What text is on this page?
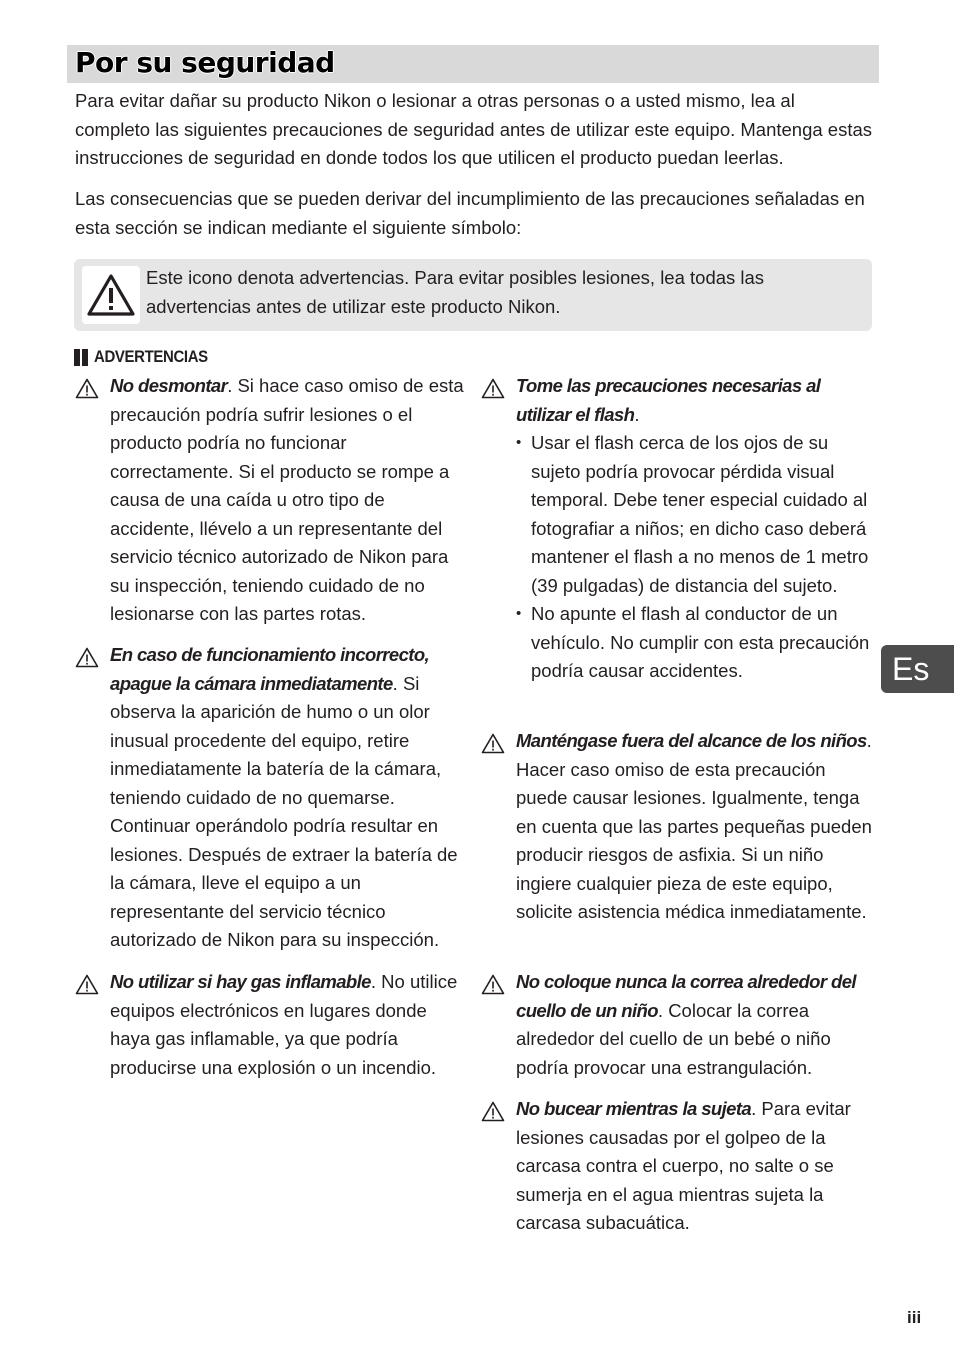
Por su seguridad

Para evitar dañar su producto Nikon o lesionar a otras personas o a usted mismo, lea al completo las siguientes precauciones de seguridad antes de utilizar este equipo. Mantenga estas instrucciones de seguridad en donde todos los que utilicen el producto puedan leerlas.

Las consecuencias que se pueden derivar del incumplimiento de las precauciones señaladas en esta sección se indican mediante el siguiente símbolo:

Este icono denota advertencias. Para evitar posibles lesiones, lea todas las advertencias antes de utilizar este producto Nikon.

ADVERTENCIAS

No desmontar. Si hace caso omiso de esta precaución podría sufrir lesiones o el producto podría no funcionar correctamente. Si el producto se rompe a causa de una caída u otro tipo de accidente, llévelo a un representante del servicio técnico autorizado de Nikon para su inspección, teniendo cuidado de no lesionarse con las partes rotas.

En caso de funcionamiento incorrecto, apague la cámara inmediatamente. Si observa la aparición de humo o un olor inusual procedente del equipo, retire inmediatamente la batería de la cámara, teniendo cuidado de no quemarse. Continuar operándolo podría resultar en lesiones. Después de extraer la batería de la cámara, lleve el equipo a un representante del servicio técnico autorizado de Nikon para su inspección.

No utilizar si hay gas inflamable. No utilice equipos electrónicos en lugares donde haya gas inflamable, ya que podría producirse una explosión o un incendio.

Tome las precauciones necesarias al utilizar el flash.

• Usar el flash cerca de los ojos de su sujeto podría provocar pérdida visual temporal. Debe tener especial cuidado al fotografiar a niños; en dicho caso deberá mantener el flash a no menos de 1 metro (39 pulgadas) de distancia del sujeto.
• No apunte el flash al conductor de un vehículo. No cumplir con esta precaución podría causar accidentes.

Manténgase fuera del alcance de los niños. Hacer caso omiso de esta precaución puede causar lesiones. Igualmente, tenga en cuenta que las partes pequeñas pueden producir riesgos de asfixia. Si un niño ingiere cualquier pieza de este equipo, solicite asistencia médica inmediatamente.

No coloque nunca la correa alrededor del cuello de un niño. Colocar la correa alrededor del cuello de un bebé o niño podría provocar una estrangulación.

No bucear mientras la sujeta. Para evitar lesiones causadas por el golpeo de la carcasa contra el cuerpo, no salte o se sumerja en el agua mientras sujeta la carcasa subacuática.

Es
iii
